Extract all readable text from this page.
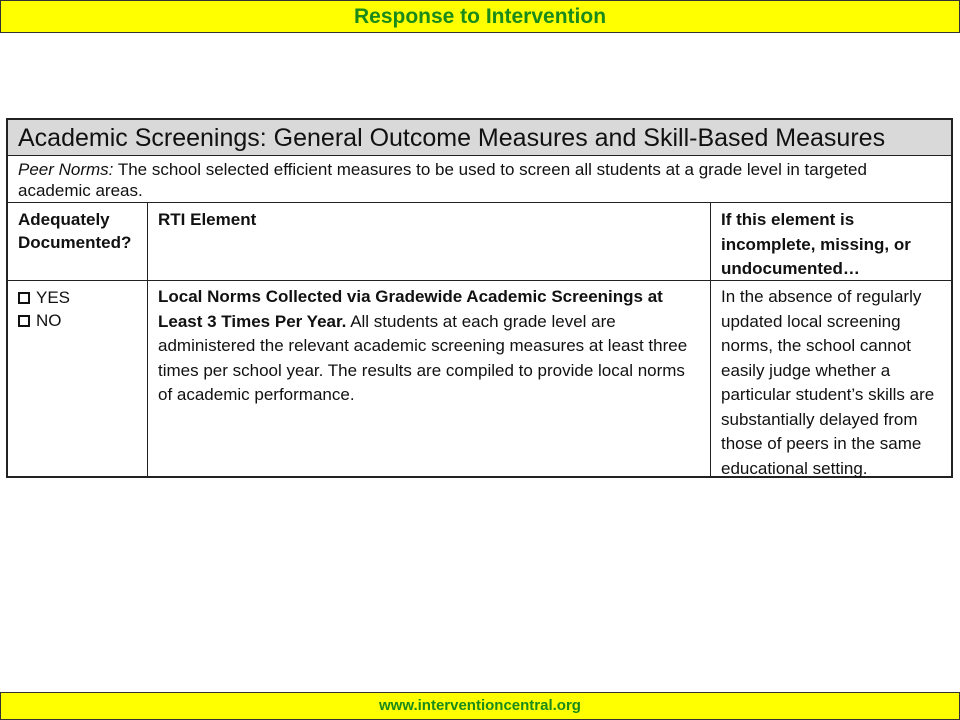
Response to Intervention
Academic Screenings: General Outcome Measures and Skill-Based Measures
Peer Norms: The school selected efficient measures to be used to screen all students at a grade level in targeted academic areas.
Adequately Documented?
RTI Element	If this element is incomplete, missing, or undocumented…
YES
NO
Local Norms Collected via Gradewide Academic Screenings at Least 3 Times Per Year. All students at each grade level are administered the relevant academic screening measures at least three times per school year. The results are compiled to provide local norms of academic performance.
In the absence of regularly updated local screening norms, the school cannot easily judge whether a particular student’s skills are substantially delayed from those of peers in the same educational setting.
www.interventioncentral.org
